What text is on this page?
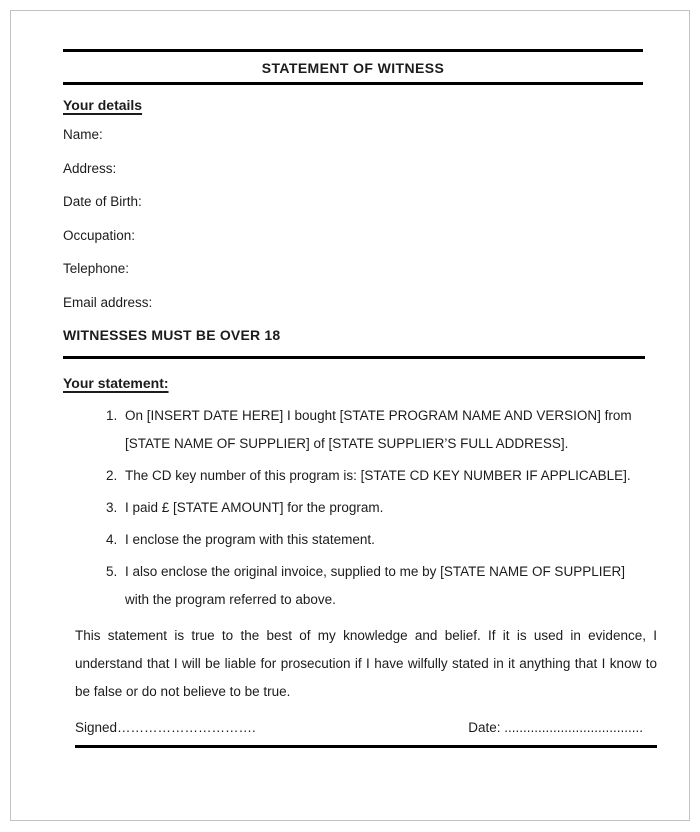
STATEMENT OF WITNESS
Your details

Name:

Address:

Date of Birth:

Occupation:

Telephone:

Email address:

WITNESSES MUST BE OVER 18

Your statement:
1. On [INSERT DATE HERE] I bought [STATE PROGRAM NAME AND VERSION] from [STATE NAME OF SUPPLIER] of [STATE SUPPLIER’S FULL ADDRESS].
2. The CD key number of this program is: [STATE CD KEY NUMBER IF APPLICABLE].
3. I paid £ [STATE AMOUNT] for the program.
4. I enclose the program with this statement.
5. I also enclose the original invoice, supplied to me by [STATE NAME OF SUPPLIER] with the program referred to above.

This statement is true to the best of my knowledge and belief. If it is used in evidence, I understand that I will be liable for prosecution if I have wilfully stated in it anything that I know to be false or do not believe to be true.

Signed………………………….	Date: .....................................
